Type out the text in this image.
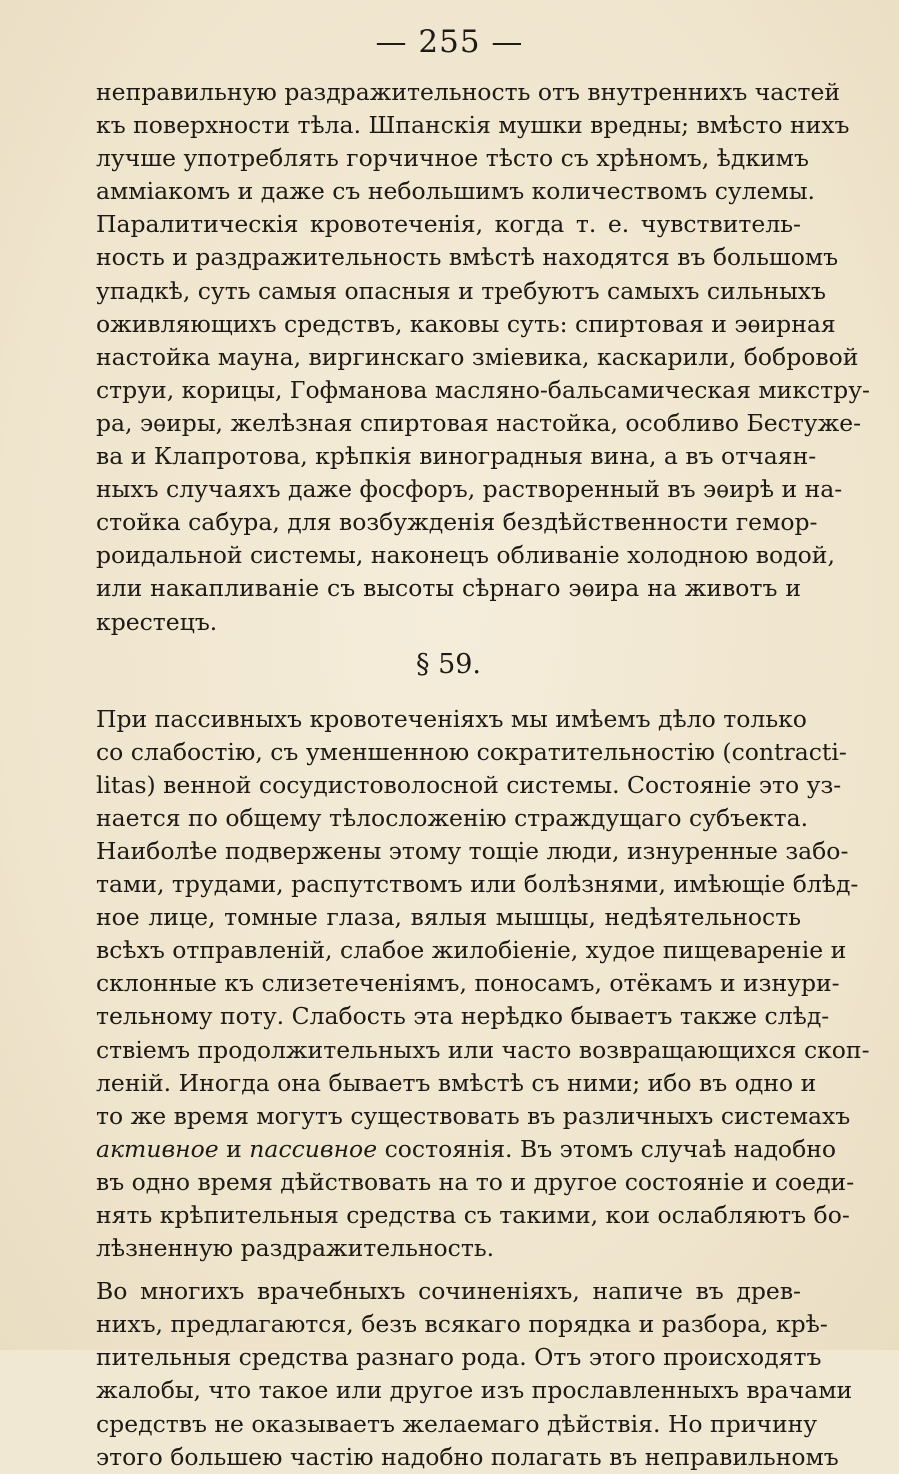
— 255 —
неправильную раздражительность отъ внутреннихъ частей
къ поверхности тѣла. Шпанскія мушки вредны; вмѣсто нихъ
лучше употреблять горчичное тѣсто съ хрѣномъ, ѣдкимъ
амміакомъ и даже съ небольшимъ количествомъ сулемы.
Паралитическія кровотеченія, когда т. е. чувствитель-
ность и раздражительность вмѣстѣ находятся въ большомъ
упадкѣ, суть самыя опасныя и требуютъ самыхъ сильныхъ
оживляющихъ средствъ, каковы суть: спиртовая и эѳирная
настойка мауна, виргинскаго зміевика, каскарили, бобровой
струи, корицы, Гофманова масляно-бальсамическая микстру-
ра, эѳиры, желѣзная спиртовая настойка, особливо Бестуже-
ва и Клапротова, крѣпкія виноградныя вина, а въ отчаян-
ныхъ случаяхъ даже фосфоръ, растворенный въ эѳирѣ и на-
стойка сабура, для возбужденія бездѣйственности гемор-
роидальной системы, наконецъ обливаніе холодною водой,
или накапливаніе съ высоты сѣрнаго эѳира на животъ и
крестецъ.
§ 59.
При пассивныхъ кровотеченіяхъ мы имѣемъ дѣло только
со слабостію, съ уменшенною сократительностію (contracti-
litas) венной сосудистоволосной системы. Состояніе это уз-
нается по общему тѣлосложенію страждущаго субъекта.
Наиболѣе подвержены этому тощіе люди, изнуренные забо-
тами, трудами, распутствомъ или болѣзнями, имѣющіе блѣд-
ное лице, томные глаза, вялыя мышцы, недѣятельность
всѣхъ отправленій, слабое жилобіеніе, худое пищевареніе и
склонные къ слизетеченіямъ, поносамъ, отёкамъ и изнури-
тельному поту. Слабость эта нерѣдко бываетъ также слѣд-
ствіемъ продолжительныхъ или часто возвращающихся скоп-
леній. Иногда она бываетъ вмѣстѣ съ ними; ибо въ одно и
то же время могутъ существовать въ различныхъ системахъ
активное и пассивное состоянія. Въ этомъ случаѣ надобно
въ одно время дѣйствовать на то и другое состояніе и соеди-
нять крѣпительныя средства съ такими, кои ослабляютъ бо-
лѣзненную раздражительность.
Во многихъ врачебныхъ сочиненіяхъ, напиче въ древ-
нихъ, предлагаются, безъ всякаго порядка и разбора, крѣ-
пительныя средства разнаго рода. Отъ этого происходятъ
жалобы, что такое или другое изъ прославленныхъ врачами
средствъ не оказываетъ желаемаго дѣйствія. Но причину
этого большею частію надобно полагать въ неправильномъ
